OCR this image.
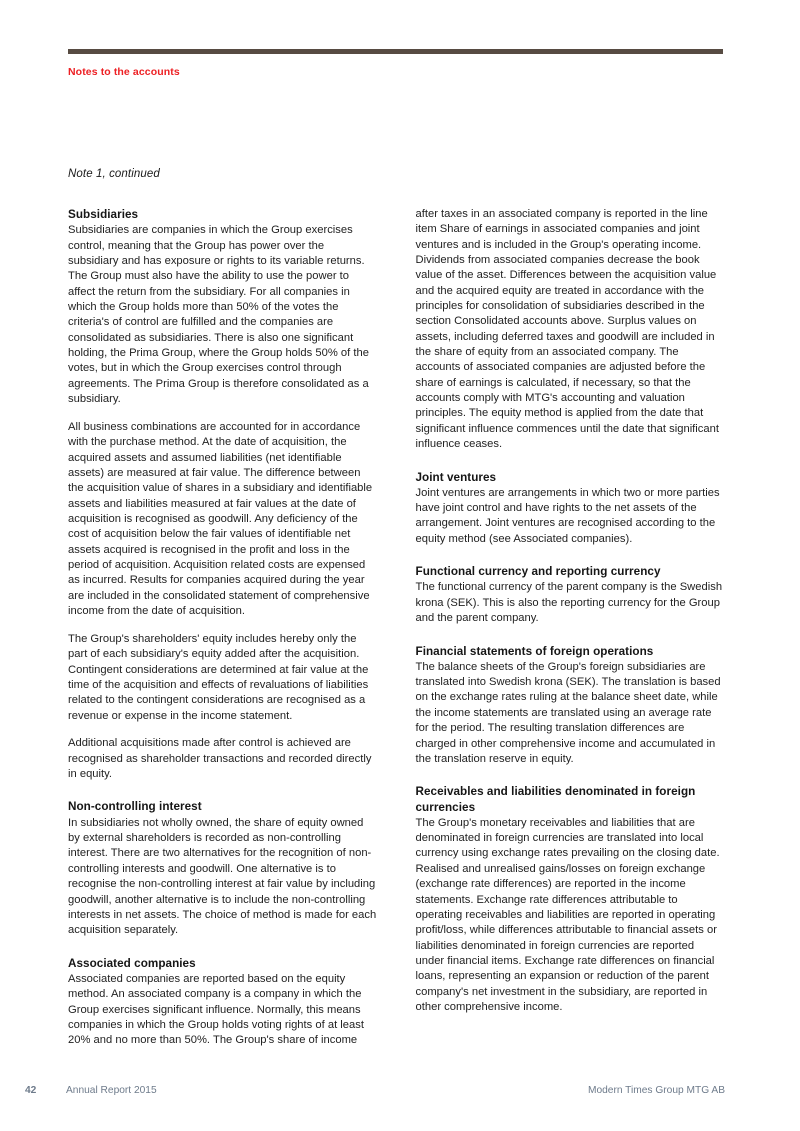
Notes to the accounts
Note 1, continued
Subsidiaries

Subsidiaries are companies in which the Group exercises control, meaning that the Group has power over the subsidiary and has exposure or rights to its variable returns. The Group must also have the ability to use the power to affect the return from the subsidiary. For all companies in which the Group holds more than 50% of the votes the criteria's of control are fulfilled and the companies are consolidated as subsidiaries. There is also one significant holding, the Prima Group, where the Group holds 50% of the votes, but in which the Group exercises control through agreements. The Prima Group is therefore consolidated as a subsidiary.

All business combinations are accounted for in accordance with the purchase method. At the date of acquisition, the acquired assets and assumed liabilities (net identifiable assets) are measured at fair value. The difference between the acquisition value of shares in a subsidiary and identifiable assets and liabilities measured at fair values at the date of acquisition is recognised as goodwill. Any deficiency of the cost of acquisition below the fair values of identifiable net assets acquired is recognised in the profit and loss in the period of acquisition. Acquisition related costs are expensed as incurred. Results for companies acquired during the year are included in the consolidated statement of comprehensive income from the date of acquisition.

The Group's shareholders' equity includes hereby only the part of each subsidiary's equity added after the acquisition. Contingent considerations are determined at fair value at the time of the acquisition and effects of revaluations of liabilities related to the contingent considerations are recognised as a revenue or expense in the income statement.

Additional acquisitions made after control is achieved are recognised as shareholder transactions and recorded directly in equity.

Non-controlling interest

In subsidiaries not wholly owned, the share of equity owned by external shareholders is recorded as non-controlling interest. There are two alternatives for the recognition of non-controlling interests and goodwill. One alternative is to recognise the non-controlling interest at fair value by including goodwill, another alternative is to include the non-controlling interests in net assets. The choice of method is made for each acquisition separately.

Associated companies

Associated companies are reported based on the equity method. An associated company is a company in which the Group exercises significant influence. Normally, this means companies in which the Group holds voting rights of at least 20% and no more than 50%. The Group's share of income

after taxes in an associated company is reported in the line item Share of earnings in associated companies and joint ventures and is included in the Group's operating income. Dividends from associated companies decrease the book value of the asset. Differences between the acquisition value and the acquired equity are treated in accordance with the principles for consolidation of subsidiaries described in the section Consolidated accounts above. Surplus values on assets, including deferred taxes and goodwill are included in the share of equity from an associated company. The accounts of associated companies are adjusted before the share of earnings is calculated, if necessary, so that the accounts comply with MTG's accounting and valuation principles. The equity method is applied from the date that significant influence commences until the date that significant influence ceases.

Joint ventures

Joint ventures are arrangements in which two or more parties have joint control and have rights to the net assets of the arrangement. Joint ventures are recognised according to the equity method (see Associated companies).

Functional currency and reporting currency

The functional currency of the parent company is the Swedish krona (SEK). This is also the reporting currency for the Group and the parent company.

Financial statements of foreign operations

The balance sheets of the Group's foreign subsidiaries are translated into Swedish krona (SEK). The translation is based on the exchange rates ruling at the balance sheet date, while the income statements are translated using an average rate for the period. The resulting translation differences are charged in other comprehensive income and accumulated in the translation reserve in equity.

Receivables and liabilities denominated in foreign currencies

The Group's monetary receivables and liabilities that are denominated in foreign currencies are translated into local currency using exchange rates prevailing on the closing date. Realised and unrealised gains/losses on foreign exchange (exchange rate differences) are reported in the income statements. Exchange rate differences attributable to operating receivables and liabilities are reported in operating profit/loss, while differences attributable to financial assets or liabilities denominated in foreign currencies are reported under financial items. Exchange rate differences on financial loans, representing an expansion or reduction of the parent company's net investment in the subsidiary, are reported in other comprehensive income.

42	Annual Report 2015	Modern Times Group MTG AB
